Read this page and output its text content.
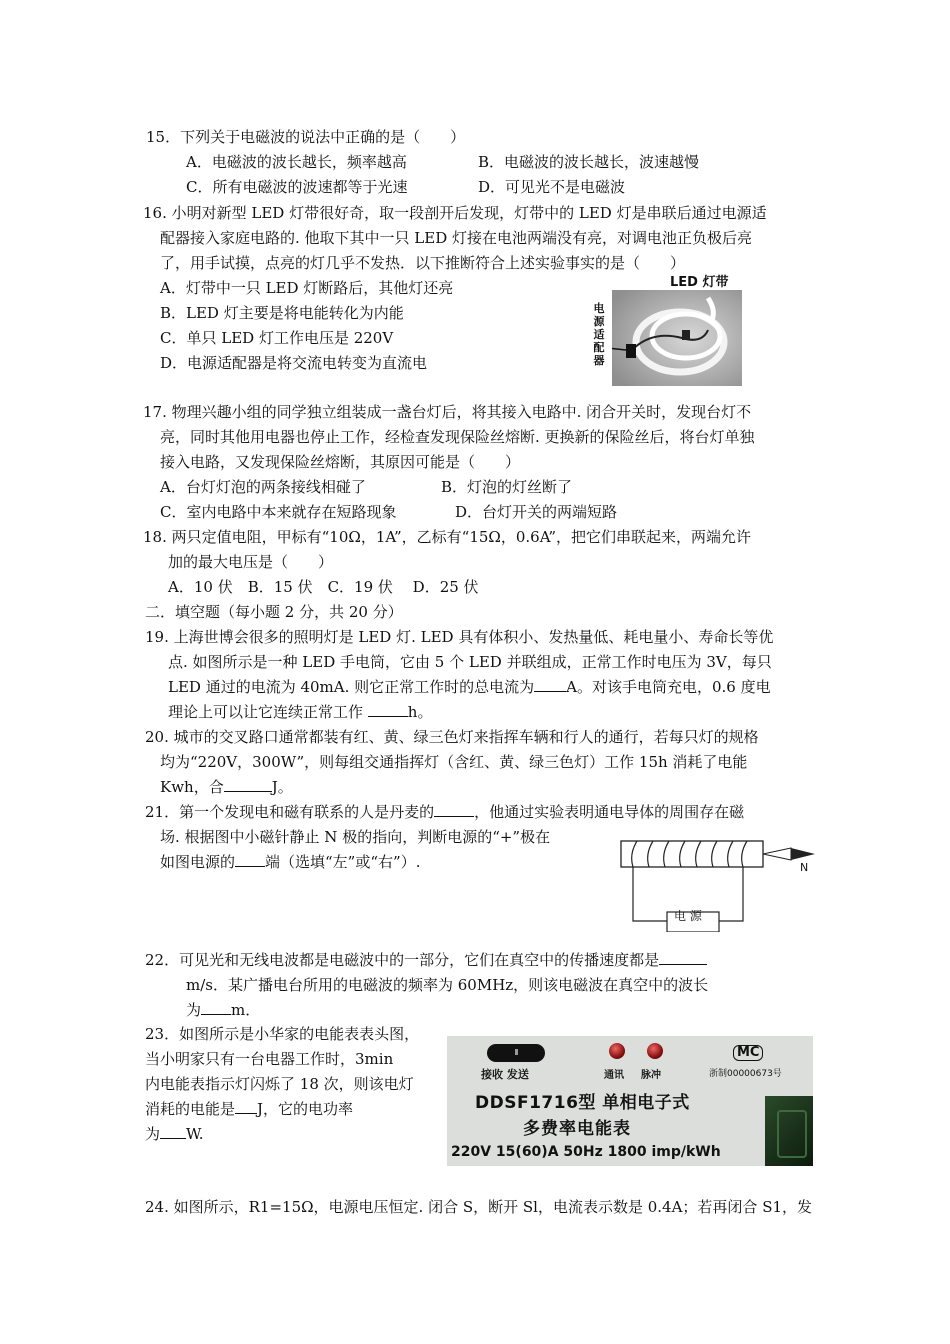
15．下列关于电磁波的说法中正确的是（　　）
A．电磁波的波长越长，频率越高	B．电磁波的波长越长，波速越慢
C．所有电磁波的波速都等于光速	D．可见光不是电磁波
16. 小明对新型 LED 灯带很好奇，取一段剖开后发现，灯带中的 LED 灯是串联后通过电源适
配器接入家庭电路的. 他取下其中一只 LED 灯接在电池两端没有亮，对调电池正负极后亮
了，用手试摸，点亮的灯几乎不发热．以下推断符合上述实验事实的是（　　）
A．灯带中一只 LED 灯断路后，其他灯还亮
B．LED 灯主要是将电能转化为内能
C．单只 LED 灯工作电压是 220V
D．电源适配器是将交流电转变为直流电
LED 灯带
电
源
适
配
器
17. 物理兴趣小组的同学独立组装成一盏台灯后，将其接入电路中. 闭合开关时，发现台灯不
亮，同时其他用电器也停止工作，经检查发现保险丝熔断. 更换新的保险丝后，将台灯单独
接入电路，又发现保险丝熔断，其原因可能是（　　）
A．台灯灯泡的两条接线相碰了	B．灯泡的灯丝断了
C．室内电路中本来就存在短路现象	D．台灯开关的两端短路
18. 两只定值电阻，甲标有“10Ω，1A”，乙标有“15Ω，0.6A”，把它们串联起来，两端允许
加的最大电压是（　　）
A．10 伏　B．15 伏　C．19 伏　 D．25 伏
二．填空题（每小题 2 分，共 20 分）
19. 上海世博会很多的照明灯是 LED 灯. LED 具有体积小、发热量低、耗电量小、寿命长等优
点. 如图所示是一种 LED 手电筒，它由 5 个 LED 并联组成，正常工作时电压为 3V，每只
LED 通过的电流为 40mA. 则它正常工作时的总电流为 A。对该手电筒充电，0.6 度电
理论上可以让它连续正常工作	h。
20. 城市的交叉路口通常都装有红、黄、绿三色灯来指挥车辆和行人的通行，若每只灯的规格
均为“220V，300W”，则每组交通指挥灯（含红、黄、绿三色灯）工作 15h 消耗了电能
Kwh，合	J。
21．第一个发现电和磁有联系的人是丹麦的	，他通过实验表明通电导体的周围存在磁
场. 根据图中小磁针静止 N 极的指向，判断电源的“+”极在
如图电源的 端（选填“左”或“右”）.
电 源
N
22．可见光和无线电波都是电磁波中的一部分，它们在真空中的传播速度都是
m/s．某广播电台所用的电磁波的频率为 60MHz，则该电磁波在真空中的波长
为 m．
23．如图所示是小华家的电能表表头图，
当小明家只有一台电器工作时，3min
内电能表指示灯闪烁了 18 次，则该电灯
消耗的电能是 J，它的电功率
为 W.
接收 发送	通讯 脉冲
MC
浙制00000673号
DDSF1716型 单相电子式
多费率电能表
220V 15(60)A 50Hz 1800 imp/kWh
24. 如图所示，R1=15Ω，电源电压恒定. 闭合 S，断开 Sl，电流表示数是 0.4A；若再闭合 S1，发
